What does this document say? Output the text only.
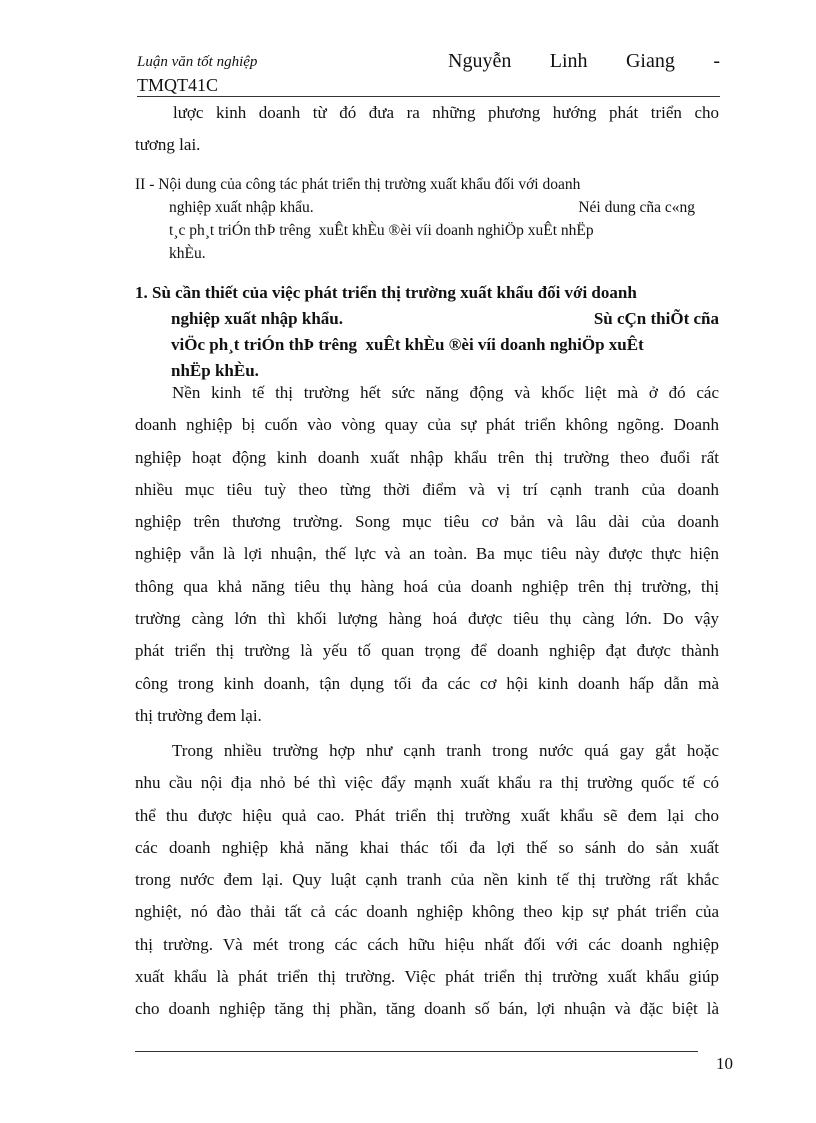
Luận văn tốt nghiệp
TMQT41C
Nguyễn Linh Giang -
lược kinh doanh từ đó đưa ra những phương hướng phát triển cho
tương lai.
II - Nội dung của công tác phát triển thị trường xuất khẩu đối với doanh
nghiệp xuất nhập khẩu.	Néi dung cña c«ng
t¸c ph¸t triÓn thÞ trêng  xuÊt khÈu ®èi víi doanh nghiÖp xuÊt nhËp
khÈu.
1. Sù cần thiết của việc phát triển thị trường xuất khẩu đối với doanh
nghiệp xuất nhập khẩu.	Sù cÇn thiÕt cña
viÖc ph¸t triÓn thÞ trêng  xuÊt khÈu ®èi víi doanh nghiÖp xuÊt
nhËp khÈu.
Nền kinh tế thị trường hết sức năng động và khốc liệt mà ở đó các
doanh nghiệp bị cuốn vào vòng quay của sự phát triển không ngõng. Doanh
nghiệp hoạt động kinh doanh xuất nhập khẩu trên thị trường theo đuổi rất
nhiều mục tiêu tuỳ theo từng thời điểm và vị trí cạnh tranh của doanh
nghiệp trên thương trường. Song mục tiêu cơ bản và lâu dài của doanh
nghiệp vẫn là lợi nhuận, thế lực và an toàn. Ba mục tiêu này được thực hiện
thông qua khả năng tiêu thụ hàng hoá của doanh nghiệp trên thị trường, thị
trường càng lớn thì khối lượng hàng hoá được tiêu thụ càng lớn. Do vậy
phát triển thị trường là yếu tố quan trọng để doanh nghiệp đạt được thành
công trong kinh doanh, tận dụng tối đa các cơ hội kinh doanh hấp dẫn mà
thị trường đem lại.
Trong nhiều trường hợp như cạnh tranh trong nước quá gay gắt hoặc
nhu cầu nội địa nhỏ bé thì việc đẩy mạnh xuất khẩu ra thị trường quốc tế có
thể thu được hiệu quả cao. Phát triển thị trường xuất khẩu sẽ đem lại cho
các doanh nghiệp khả năng khai thác tối đa lợi thế so sánh do sản xuất
trong nước đem lại. Quy luật cạnh tranh của nền kinh tế thị trường rất khắc
nghiệt, nó đào thải tất cả các doanh nghiệp không theo kịp sự phát triển của
thị trường. Và mét trong các cách hữu hiệu nhất đối với các doanh nghiệp
xuất khẩu là phát triển thị trường. Việc phát triển thị trường xuất khẩu giúp
cho doanh nghiệp tăng thị phần, tăng doanh số bán, lợi nhuận và đặc biệt là
10
